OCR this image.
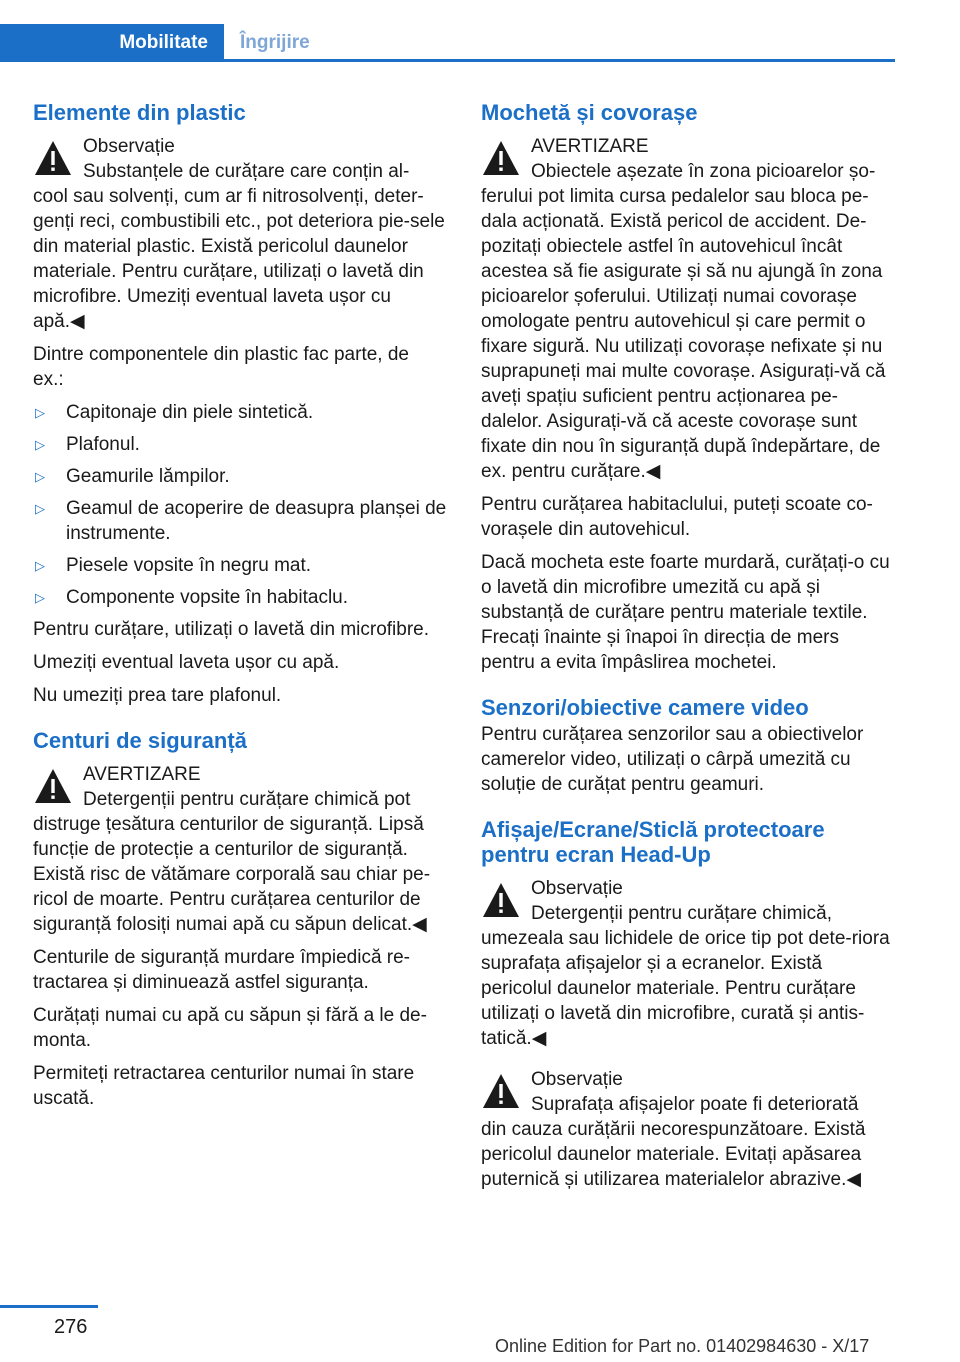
Mobilitate	Îngrijire
Elemente din plastic
Observație
Substanțele de curățare care conțin al‐
cool sau solvenți, cum ar fi nitrosolvenți, deter‐genți reci, combustibili etc., pot deteriora pie‐sele din material plastic. Există pericolul daunelor materiale. Pentru curățare, utilizați o lavetă din microfibre. Umeziți eventual laveta ușor cu apă.◀

Dintre componentele din plastic fac parte, de ex.:

▷ Capitonaje din piele sintetică.
▷ Plafonul.
▷ Geamurile lămpilor.
▷ Geamul de acoperire de deasupra planșei de instrumente.
▷ Piesele vopsite în negru mat.
▷ Componente vopsite în habitaclu.

Pentru curățare, utilizați o lavetă din microfibre.

Umeziți eventual laveta ușor cu apă.

Nu umeziți prea tare plafonul.

Centuri de siguranță
AVERTIZARE
Detergenții pentru curățare chimică pot
distruge țesătura centurilor de siguranță. Lipsă funcție de protecție a centurilor de siguranță. Există risc de vătămare corporală sau chiar pe‐ricol de moarte. Pentru curățarea centurilor de siguranță folosiți numai apă cu săpun delicat.◀

Centurile de siguranță murdare împiedică re‐tractarea și diminuează astfel siguranța.

Curățați numai cu apă cu săpun și fără a le de‐monta.

Permiteți retractarea centurilor numai în stare uscată.

Mochetă și covorașe
AVERTIZARE
Obiectele așezate în zona picioarelor șo‐
ferului pot limita cursa pedalelor sau bloca pe‐dala acționată. Există pericol de accident. De‐pozitați obiectele astfel în autovehicul încât acestea să fie asigurate și să nu ajungă în zona picioarelor șoferului. Utilizați numai covorașe omologate pentru autovehicul și care permit o fixare sigură. Nu utilizați covorașe nefixate și nu suprapuneți mai multe covorașe. Asigurați-vă că aveți spațiu suficient pentru acționarea pe‐dalelor. Asigurați-vă că aceste covorașe sunt fixate din nou în siguranță după îndepărtare, de ex. pentru curățare.◀

Pentru curățarea habitaclului, puteți scoate co‐vorașele din autovehicul.

Dacă mocheta este foarte murdară, curățați-o cu o lavetă din microfibre umezită cu apă și substanță de curățare pentru materiale textile. Frecați înainte și înapoi în direcția de mers pentru a evita împâslirea mochetei.

Senzori/obiective camere video

Pentru curățarea senzorilor sau a obiectivelor camerelor video, utilizați o cârpă umezită cu soluție de curățat pentru geamuri.

Afișaje/Ecrane/Sticlă protectoare pentru ecran Head-Up
Observație
Detergenții pentru curățare chimică,
umezeala sau lichidele de orice tip pot dete‐riora suprafața afișajelor și a ecranelor. Există pericolul daunelor materiale. Pentru curățare utilizați o lavetă din microfibre, curată și antis‐tatică.◀
Observație
Suprafața afișajelor poate fi deteriorată
din cauza curățării necorespunzătoare. Există pericolul daunelor materiale. Evitați apăsarea puternică și utilizarea materialelor abrazive.◀
276
Online Edition for Part no. 01402984630 - X/17
